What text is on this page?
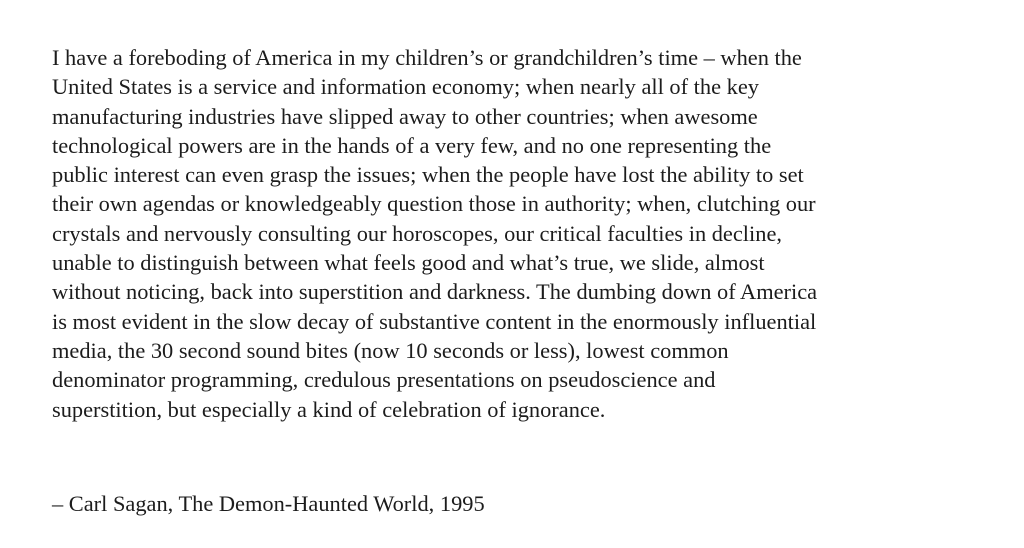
I have a foreboding of America in my children’s or grandchildren’s time – when the
United States is a service and information economy; when nearly all of the key
manufacturing industries have slipped away to other countries; when awesome
technological powers are in the hands of a very few, and no one representing the
public interest can even grasp the issues; when the people have lost the ability to set
their own agendas or knowledgeably question those in authority; when, clutching our
crystals and nervously consulting our horoscopes, our critical faculties in decline,
unable to distinguish between what feels good and what’s true, we slide, almost
without noticing, back into superstition and darkness. The dumbing down of America
is most evident in the slow decay of substantive content in the enormously influential
media, the 30 second sound bites (now 10 seconds or less), lowest common
denominator programming, credulous presentations on pseudoscience and
superstition, but especially a kind of celebration of ignorance.

– Carl Sagan, The Demon-Haunted World, 1995
